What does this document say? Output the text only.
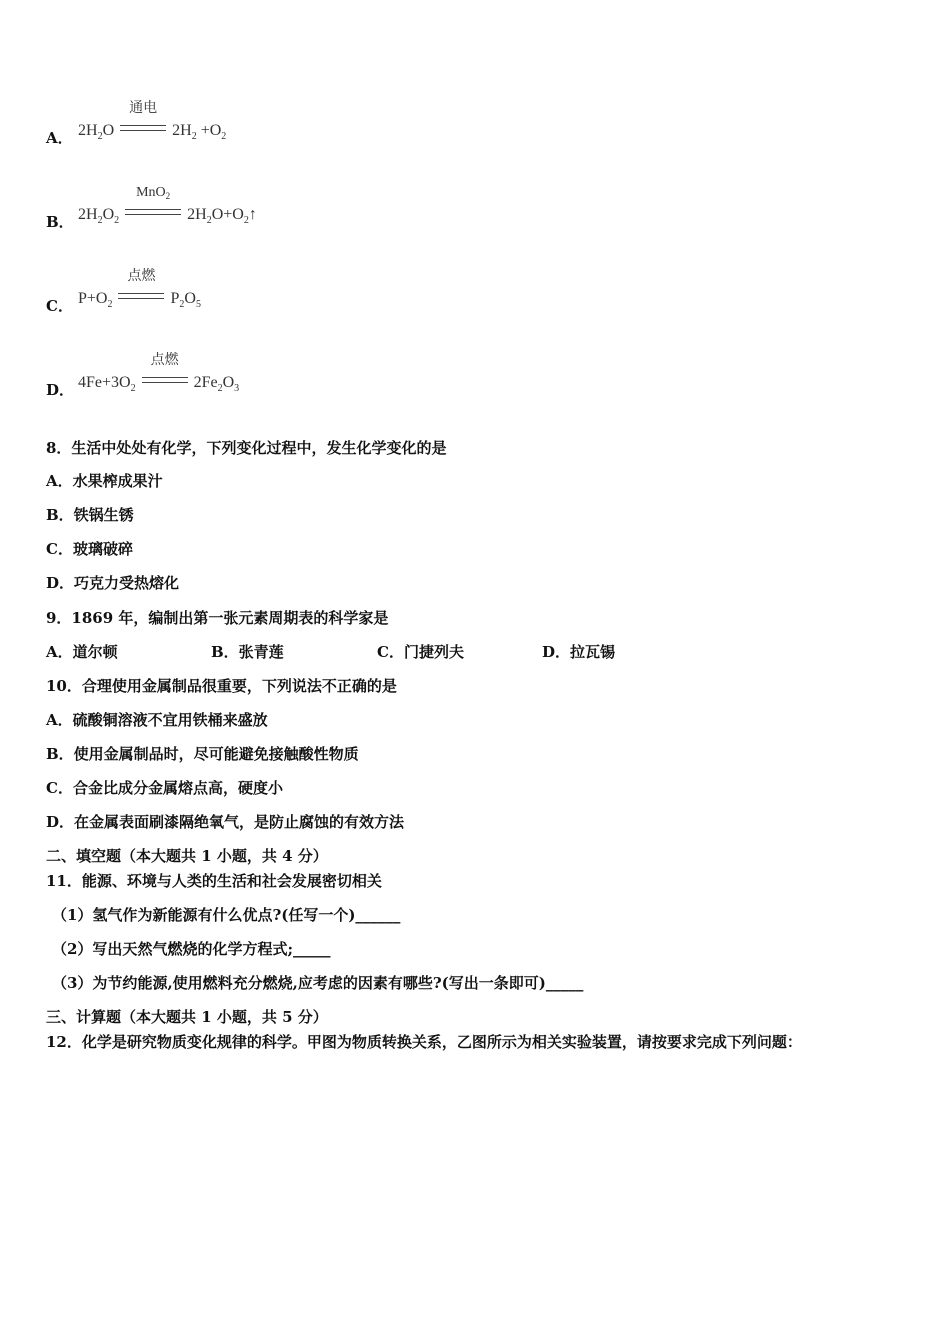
A． $2H_2O$
通电
$2H_2 +O_2$
B． $2H_2O_2$
MnO$_2$
$2H_2O+O_2↑$
C． $P+O_2$
点燃
$P_2O_5$
D． $4Fe+3O_2$
点燃
$2Fe_2O_3$
8．生活中处处有化学，下列变化过程中，发生化学变化的是
A．水果榨成果汁
B．铁锅生锈
C．玻璃破碎
D．巧克力受热熔化
9．1869 年，编制出第一张元素周期表的科学家是
A．道尔顿	B．张青莲	C．门捷列夫	D．拉瓦锡
10．合理使用金属制品很重要，下列说法不正确的是
A．硫酸铜溶液不宜用铁桶来盛放
B．使用金属制品时，尽可能避免接触酸性物质
C．合金比成分金属熔点高，硬度小
D．在金属表面刷漆隔绝氧气，是防止腐蚀的有效方法
二、填空题（本大题共 1 小题，共 4 分）
11．能源、环境与人类的生活和社会发展密切相关
（1）氢气作为新能源有什么优点?(任写一个)______
（2）写出天然气燃烧的化学方程式;_____
（3）为节约能源,使用燃料充分燃烧,应考虑的因素有哪些?(写出一条即可)_____
三、计算题（本大题共 1 小题，共 5 分）
12．化学是研究物质变化规律的科学。甲图为物质转换关系，乙图所示为相关实验装置，请按要求完成下列问题：
